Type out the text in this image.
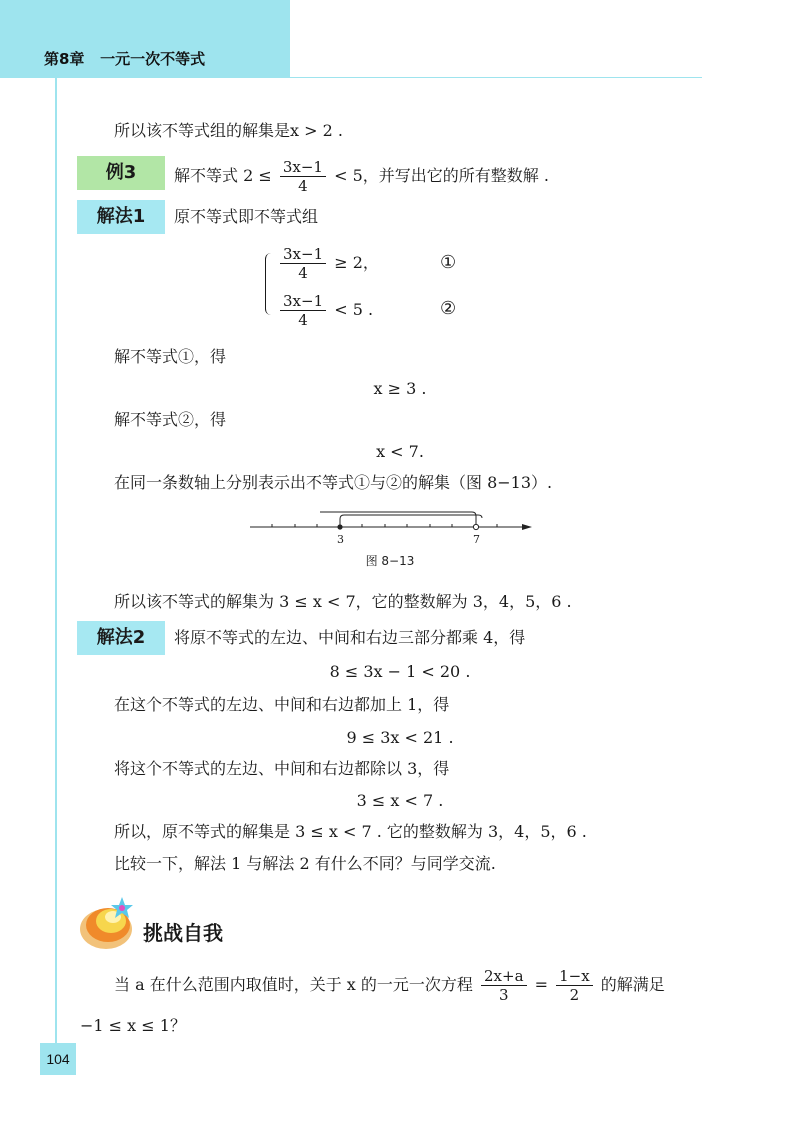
第8章 一元一次不等式
所以该不等式组的解集是x > 2 .
例3	解不等式 $2 \le \frac{3x-1}{4} < 5$，并写出它的所有整数解 .
解法1	原不等式即不等式组
$\frac{3x-1}{4} \ge 2$，	①
$\frac{3x-1}{4} < 5$ .	②
解不等式①，得
x ≥ 3 .
解不等式②，得
x < 7.
在同一条数轴上分别表示出不等式①与②的解集（图 8−13）.
3	7
图 8−13
所以该不等式的解集为 3 ≤ x < 7，它的整数解为 3，4，5，6 .
解法2	将原不等式的左边、中间和右边三部分都乘 4，得
8 ≤ 3x − 1 < 20 .
在这个不等式的左边、中间和右边都加上 1，得
9 ≤ 3x < 21 .
将这个不等式的左边、中间和右边都除以 3，得
3 ≤ x < 7 .
所以，原不等式的解集是 3 ≤ x < 7 . 它的整数解为 3，4，5，6 .
比较一下，解法 1 与解法 2 有什么不同？与同学交流.
挑战自我
当 a 在什么范围内取值时，关于 x 的一元一次方程 $\frac{2x+a}{3} = \frac{1-x}{2}$ 的解满足
−1 ≤ x ≤ 1？
104
